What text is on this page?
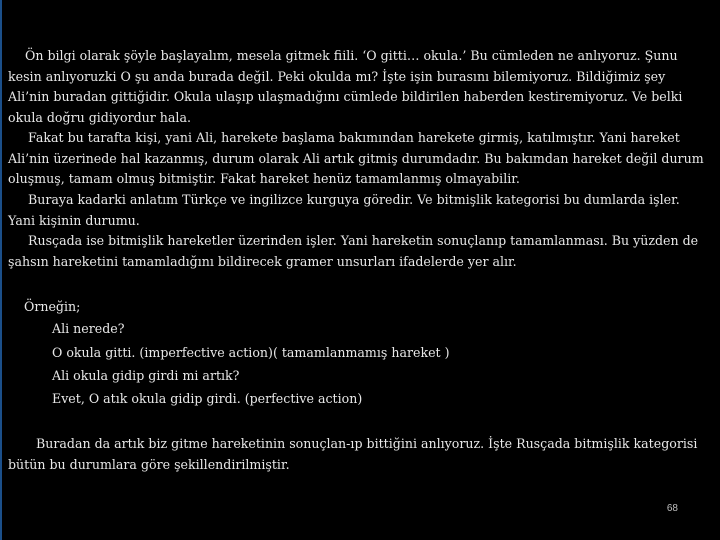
Ön bilgi olarak şöyle başlayalım, mesela gitmek fiili. ‘O gitti… okula.’ Bu cümleden ne anlıyoruz. Şunu
kesin anlıyoruzki O şu anda burada değil. Peki okulda mı? İşte işin burasını bilemiyoruz. Bildiğimiz şey
Ali’nin buradan gittiğidir. Okula ulaşıp ulaşmadığını cümlede bildirilen haberden kestiremiyoruz. Ve belki
okula doğru gidiyordur hala.

Fakat bu tarafta kişi, yani Ali, harekete başlama bakımından harekete girmiş, katılmıştır. Yani hareket
Ali’nin üzerinede hal kazanmış, durum olarak Ali artık gitmiş durumdadır. Bu bakımdan hareket değil durum
oluşmuş, tamam olmuş bitmiştir. Fakat hareket henüz tamamlanmış olmayabilir.

Buraya kadarki anlatım Türkçe ve ingilizce kurguya göredir. Ve bitmişlik kategorisi bu dumlarda işler.
Yani kişinin durumu.

Rusçada ise bitmişlik hareketler üzerinden işler. Yani hareketin sonuçlanıp tamamlanması. Bu yüzden de
şahsın hareketini tamamladığını bildirecek gramer unsurları ifadelerde yer alır.

Örneğin;
Ali nerede?
O okula gitti. (imperfective action)( tamamlanmamış hareket )
Ali okula gidip girdi mi artık?
Evet, O atık okula gidip girdi. (perfective action)

Buradan da artık biz gitme hareketinin sonuçlan-ıp bittiğini anlıyoruz. İşte Rusçada bitmişlik kategorisi
bütün bu durumlara göre şekillendirilmiştir.

68
